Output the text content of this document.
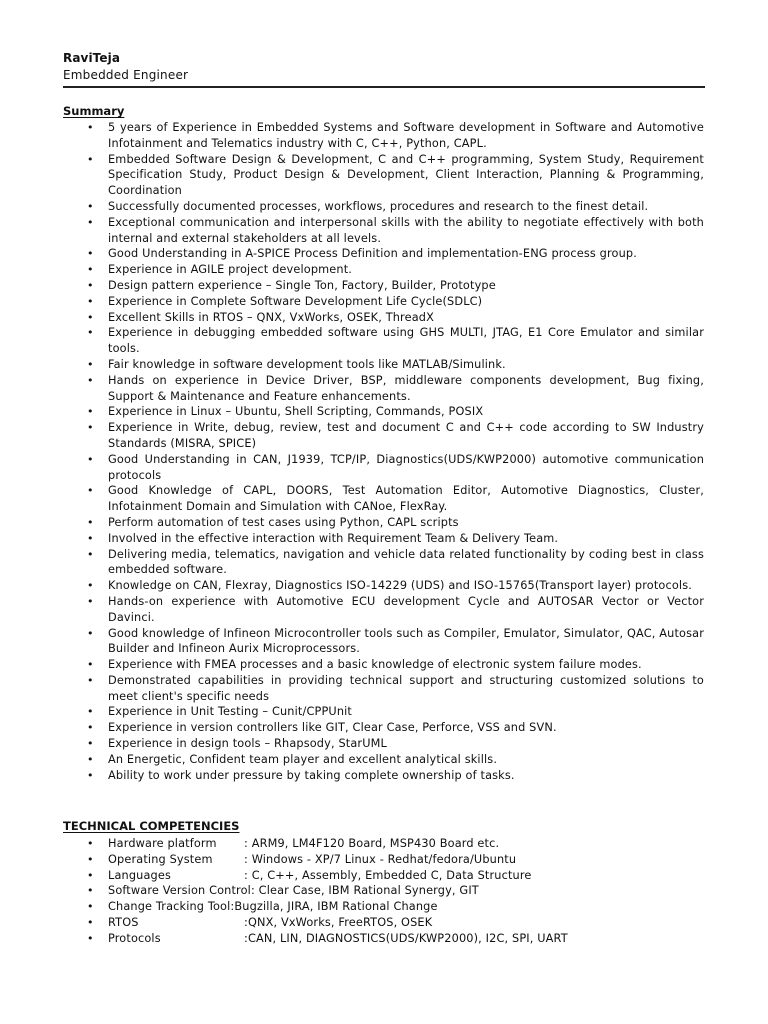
RaviTeja
Embedded Engineer
Summary
• 5 years of Experience in Embedded Systems and Software development in Software and Automotive Infotainment and Telematics industry with C, C++, Python, CAPL.
• Embedded Software Design & Development, C and C++ programming, System Study, Requirement Specification Study, Product Design & Development, Client Interaction, Planning & Programming, Coordination
• Successfully documented processes, workflows, procedures and research to the finest detail.
• Exceptional communication and interpersonal skills with the ability to negotiate effectively with both internal and external stakeholders at all levels.
• Good Understanding in A-SPICE Process Definition and implementation-ENG process group.
• Experience in AGILE project development.
• Design pattern experience – Single Ton, Factory, Builder, Prototype
• Experience in Complete Software Development Life Cycle(SDLC)
• Excellent Skills in RTOS – QNX, VxWorks, OSEK, ThreadX
• Experience in debugging embedded software using GHS MULTI, JTAG, E1 Core Emulator and similar tools.
• Fair knowledge in software development tools like MATLAB/Simulink.
• Hands on experience in Device Driver, BSP, middleware components development, Bug fixing, Support & Maintenance and Feature enhancements.
• Experience in Linux – Ubuntu, Shell Scripting, Commands, POSIX
• Experience in Write, debug, review, test and document C and C++ code according to SW Industry Standards (MISRA, SPICE)
• Good Understanding in CAN, J1939, TCP/IP, Diagnostics(UDS/KWP2000) automotive communication protocols
• Good Knowledge of CAPL, DOORS, Test Automation Editor, Automotive Diagnostics, Cluster, Infotainment Domain and Simulation with CANoe, FlexRay.
• Perform automation of test cases using Python, CAPL scripts
• Involved in the effective interaction with Requirement Team & Delivery Team.
• Delivering media, telematics, navigation and vehicle data related functionality by coding best in class embedded software.
• Knowledge on CAN, Flexray, Diagnostics ISO-14229 (UDS) and ISO-15765(Transport layer) protocols.
• Hands-on experience with Automotive ECU development Cycle and AUTOSAR Vector or Vector Davinci.
• Good knowledge of Infineon Microcontroller tools such as Compiler, Emulator, Simulator, QAC, Autosar Builder and Infineon Aurix Microprocessors.
• Experience with FMEA processes and a basic knowledge of electronic system failure modes.
• Demonstrated capabilities in providing technical support and structuring customized solutions to meet client's specific needs
• Experience in Unit Testing – Cunit/CPPUnit
• Experience in version controllers like GIT, Clear Case, Perforce, VSS and SVN.
• Experience in design tools – Rhapsody, StarUML
• An Energetic, Confident team player and excellent analytical skills.
• Ability to work under pressure by taking complete ownership of tasks.
TECHNICAL COMPETENCIES
• Hardware platform : ARM9, LM4F120 Board, MSP430 Board etc.
• Operating System	: Windows - XP/7 Linux - Redhat/fedora/Ubuntu
• Languages	: C, C++, Assembly, Embedded C, Data Structure
• Software Version Control: Clear Case, IBM Rational Synergy, GIT
• Change Tracking Tool:Bugzilla, JIRA, IBM Rational Change
• RTOS	:QNX, VxWorks, FreeRTOS, OSEK
• Protocols	:CAN, LIN, DIAGNOSTICS(UDS/KWP2000), I2C, SPI, UART
